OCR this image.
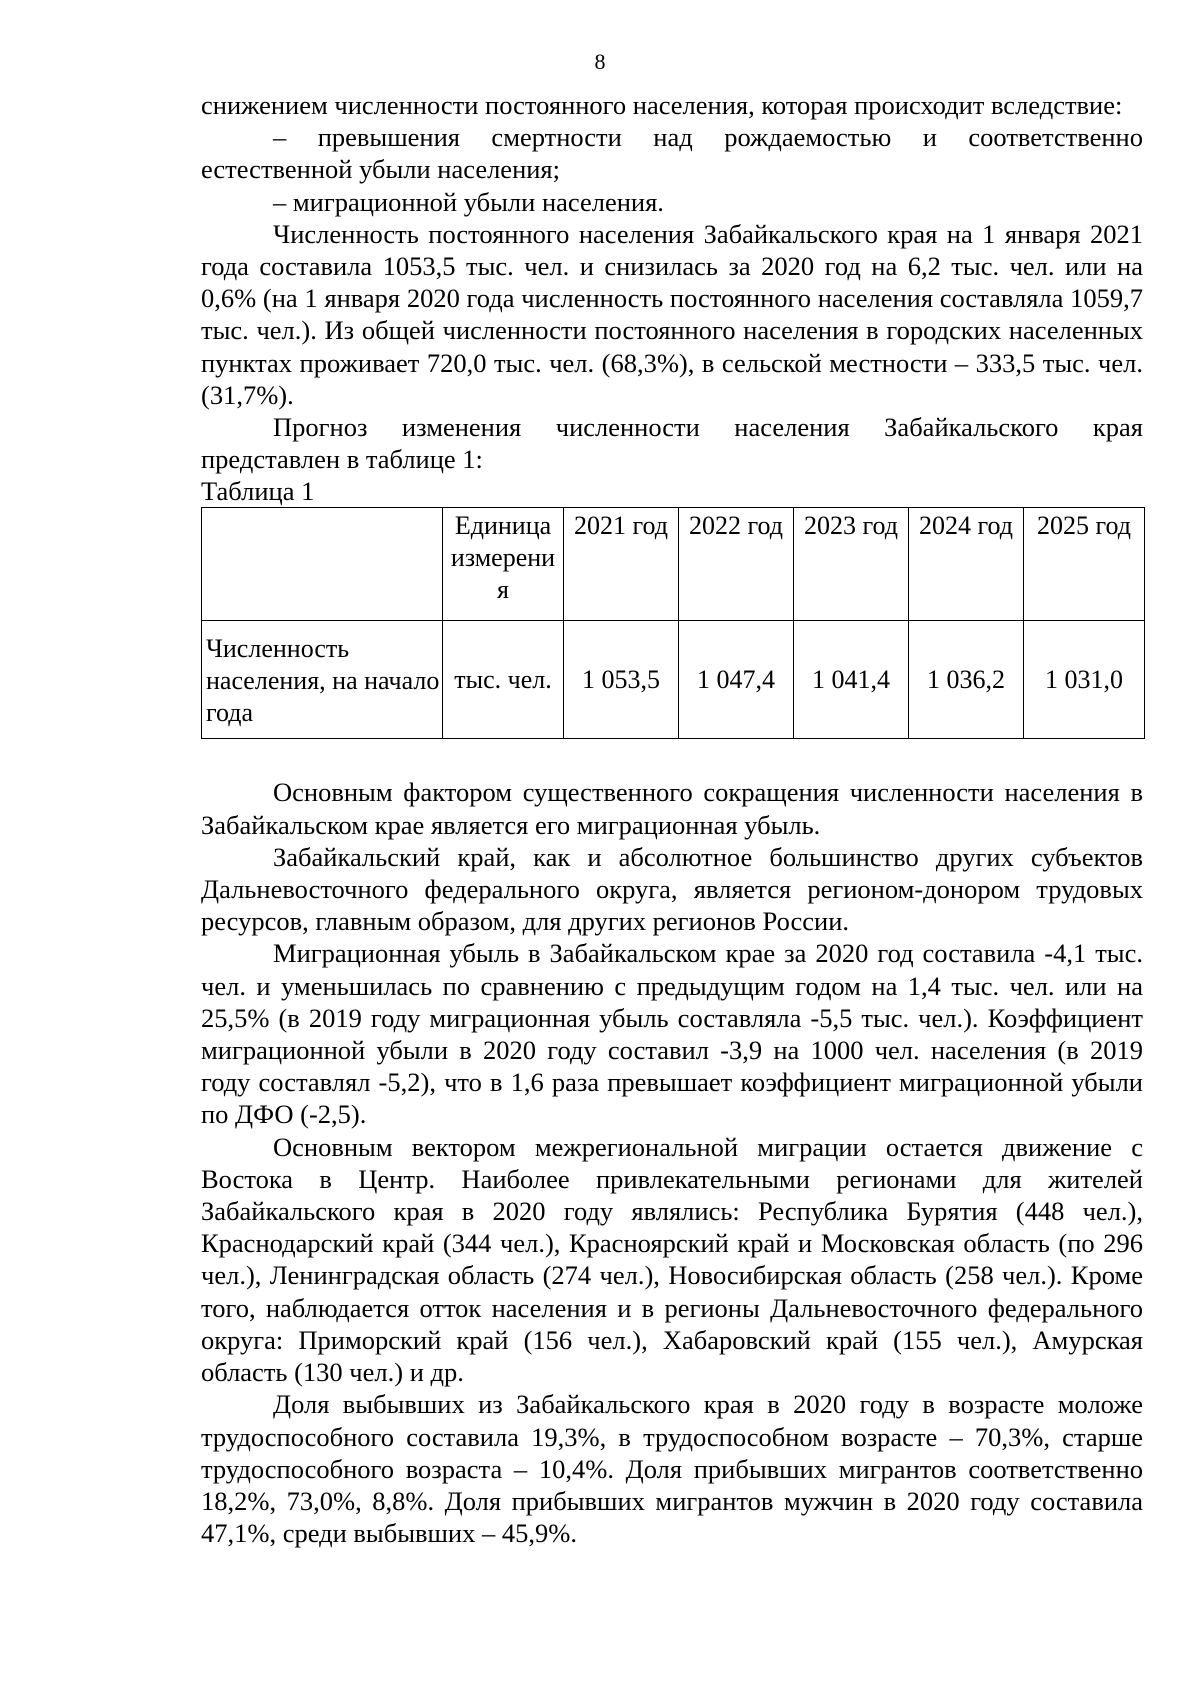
8

снижением численности постоянного населения, которая происходит вследствие:

– превышения смертности над рождаемостью и соответственно естественной убыли населения;

– миграционной убыли населения.

Численность постоянного населения Забайкальского края на 1 января 2021 года составила 1053,5 тыс. чел. и снизилась за 2020 год на 6,2 тыс. чел. или на 0,6% (на 1 января 2020 года численность постоянного населения составляла 1059,7 тыс. чел.). Из общей численности постоянного населения в городских населенных пунктах проживает 720,0 тыс. чел. (68,3%), в сельской местности – 333,5 тыс. чел. (31,7%).

Прогноз изменения численности населения Забайкальского края представлен в таблице 1:

Таблица 1

	Единица измерени я	2021 год	2022 год	2023 год	2024 год	2025 год
Численность населения, на начало года	тыс. чел.	1 053,5	1 047,4	1 041,4	1 036,2	1 031,0

Основным фактором существенного сокращения численности населения в Забайкальском крае является его миграционная убыль.

Забайкальский край, как и абсолютное большинство других субъектов Дальневосточного федерального округа, является регионом-донором трудовых ресурсов, главным образом, для других регионов России.

Миграционная убыль в Забайкальском крае за 2020 год составила -4,1 тыс. чел. и уменьшилась по сравнению с предыдущим годом на 1,4 тыс. чел. или на 25,5% (в 2019 году миграционная убыль составляла -5,5 тыс. чел.). Коэффициент миграционной убыли в 2020 году составил -3,9 на 1000 чел. населения (в 2019 году составлял -5,2), что в 1,6 раза превышает коэффициент миграционной убыли по ДФО (-2,5).

Основным вектором межрегиональной миграции остается движение с Востока в Центр. Наиболее привлекательными регионами для жителей Забайкальского края в 2020 году являлись: Республика Бурятия (448 чел.), Краснодарский край (344 чел.), Красноярский край и Московская область (по 296 чел.), Ленинградская область (274 чел.), Новосибирская область (258 чел.). Кроме того, наблюдается отток населения и в регионы Дальневосточного федерального округа: Приморский край (156 чел.), Хабаровский край (155 чел.), Амурская область (130 чел.) и др.

Доля выбывших из Забайкальского края в 2020 году в возрасте моложе трудоспособного составила 19,3%, в трудоспособном возрасте – 70,3%, старше трудоспособного возраста – 10,4%. Доля прибывших мигрантов соответственно 18,2%, 73,0%, 8,8%. Доля прибывших мигрантов мужчин в 2020 году составила 47,1%, среди выбывших – 45,9%.
